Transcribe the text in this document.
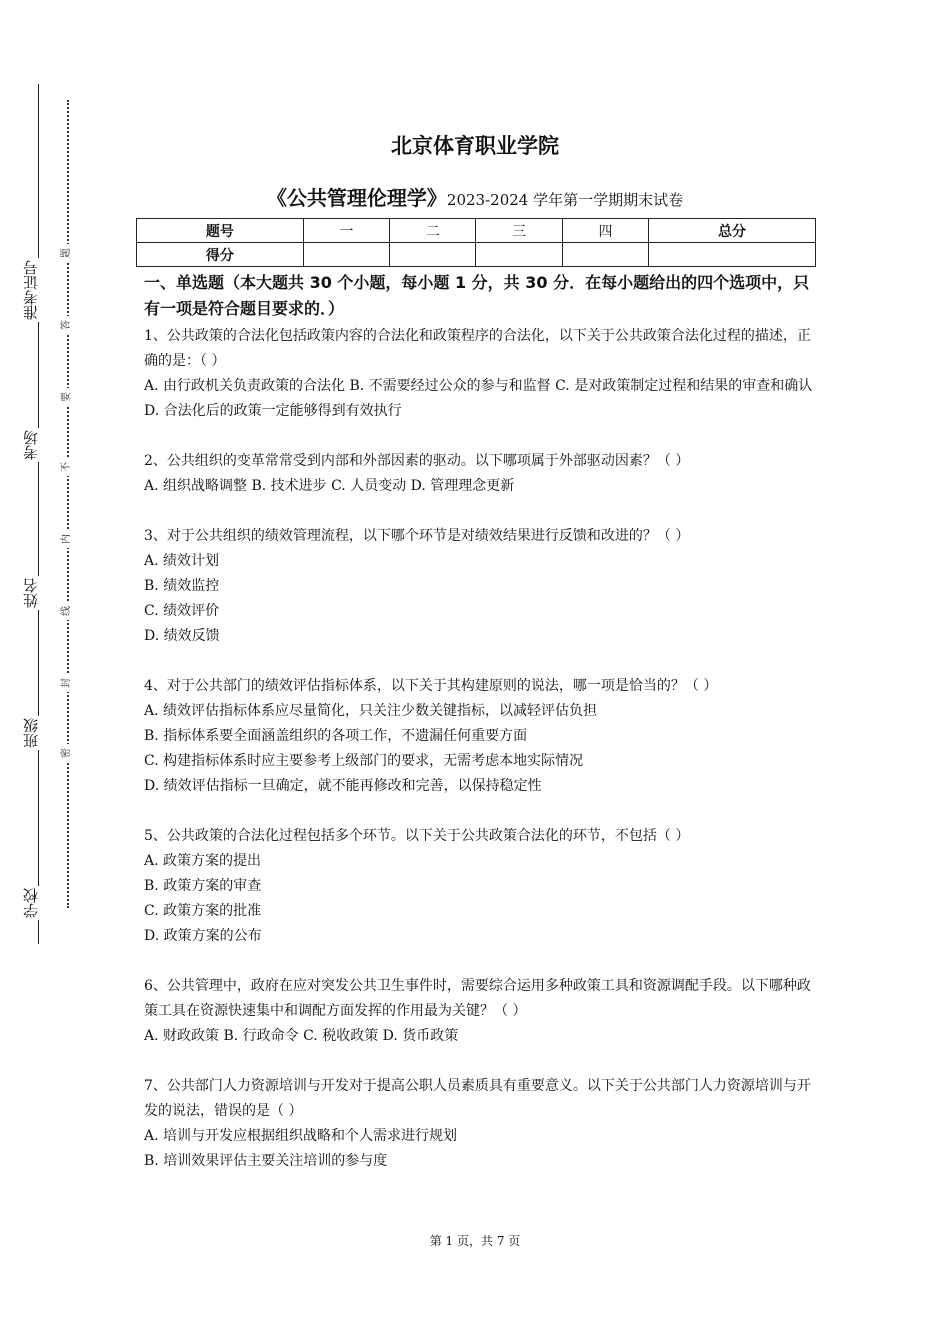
准考证号
考场
姓名
班级
学校
题
答
要
不
内
线
封
密
北京体育职业学院
《公共管理伦理学》2023-2024 学年第一学期期末试卷
题号	一	二	三	四	总分
得分					

一、单选题（本大题共 30 个小题，每小题 1 分，共 30 分．在每小题给出的四个选项中，只有一项是符合题目要求的．）

1、公共政策的合法化包括政策内容的合法化和政策程序的合法化，以下关于公共政策合法化过程的描述，正确的是：（ ）

A. 由行政机关负责政策的合法化 B. 不需要经过公众的参与和监督 C. 是对政策制定过程和结果的审查和确认 D. 合法化后的政策一定能够得到有效执行

2、公共组织的变革常常受到内部和外部因素的驱动。以下哪项属于外部驱动因素？（ ）

A. 组织战略调整 B. 技术进步 C. 人员变动 D. 管理理念更新

3、对于公共组织的绩效管理流程，以下哪个环节是对绩效结果进行反馈和改进的？（ ）

A. 绩效计划

B. 绩效监控

C. 绩效评价

D. 绩效反馈

4、对于公共部门的绩效评估指标体系，以下关于其构建原则的说法，哪一项是恰当的？（ ）

A. 绩效评估指标体系应尽量简化，只关注少数关键指标，以减轻评估负担

B. 指标体系要全面涵盖组织的各项工作，不遗漏任何重要方面

C. 构建指标体系时应主要参考上级部门的要求，无需考虑本地实际情况

D. 绩效评估指标一旦确定，就不能再修改和完善，以保持稳定性

5、公共政策的合法化过程包括多个环节。以下关于公共政策合法化的环节，不包括（ ）

A. 政策方案的提出

B. 政策方案的审查

C. 政策方案的批准

D. 政策方案的公布

6、公共管理中，政府在应对突发公共卫生事件时，需要综合运用多种政策工具和资源调配手段。以下哪种政策工具在资源快速集中和调配方面发挥的作用最为关键？（ ）

A. 财政政策 B. 行政命令 C. 税收政策 D. 货币政策

7、公共部门人力资源培训与开发对于提高公职人员素质具有重要意义。以下关于公共部门人力资源培训与开发的说法，错误的是（ ）

A. 培训与开发应根据组织战略和个人需求进行规划

B. 培训效果评估主要关注培训的参与度

第 1 页，共 7 页
